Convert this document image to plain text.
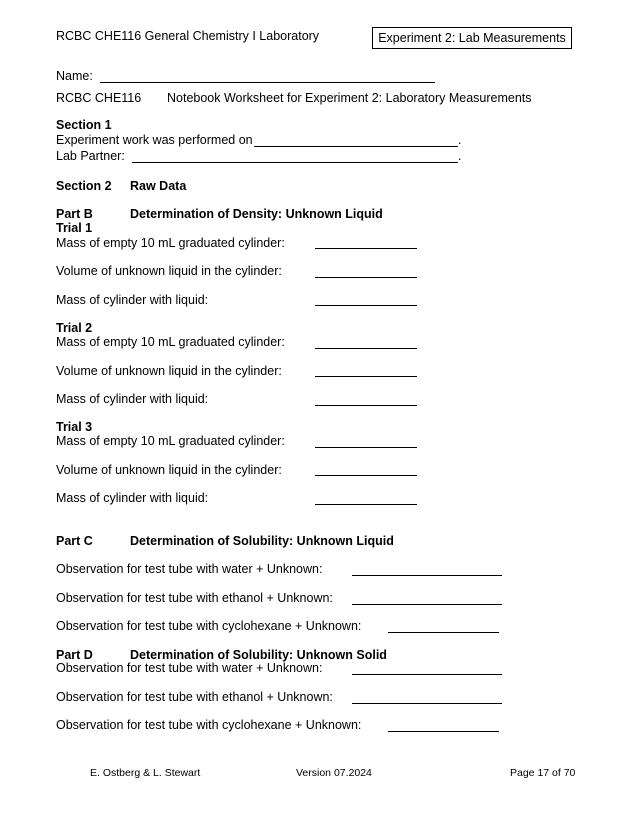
RCBC CHE116 General Chemistry I Laboratory	Experiment 2: Lab Measurements
Name:
RCBC CHE116 Notebook Worksheet for Experiment 2: Laboratory Measurements
Section 1
Experiment work was performed on	.
Lab Partner:	.
Section 2 Raw Data
Part B	Determination of Density: Unknown Liquid
Trial 1
Mass of empty 10 mL graduated cylinder:
Volume of unknown liquid in the cylinder:
Mass of cylinder with liquid:
Trial 2
Mass of empty 10 mL graduated cylinder:
Volume of unknown liquid in the cylinder:
Mass of cylinder with liquid:
Trial 3
Mass of empty 10 mL graduated cylinder:
Volume of unknown liquid in the cylinder:
Mass of cylinder with liquid:
Part C	Determination of Solubility: Unknown Liquid
Observation for test tube with water + Unknown:
Observation for test tube with ethanol + Unknown:
Observation for test tube with cyclohexane + Unknown:
Part D	Determination of Solubility: Unknown Solid
Observation for test tube with water + Unknown:
Observation for test tube with ethanol + Unknown:
Observation for test tube with cyclohexane + Unknown:
E. Ostberg & L. Stewart	Version 07.2024	Page 17 of 70
